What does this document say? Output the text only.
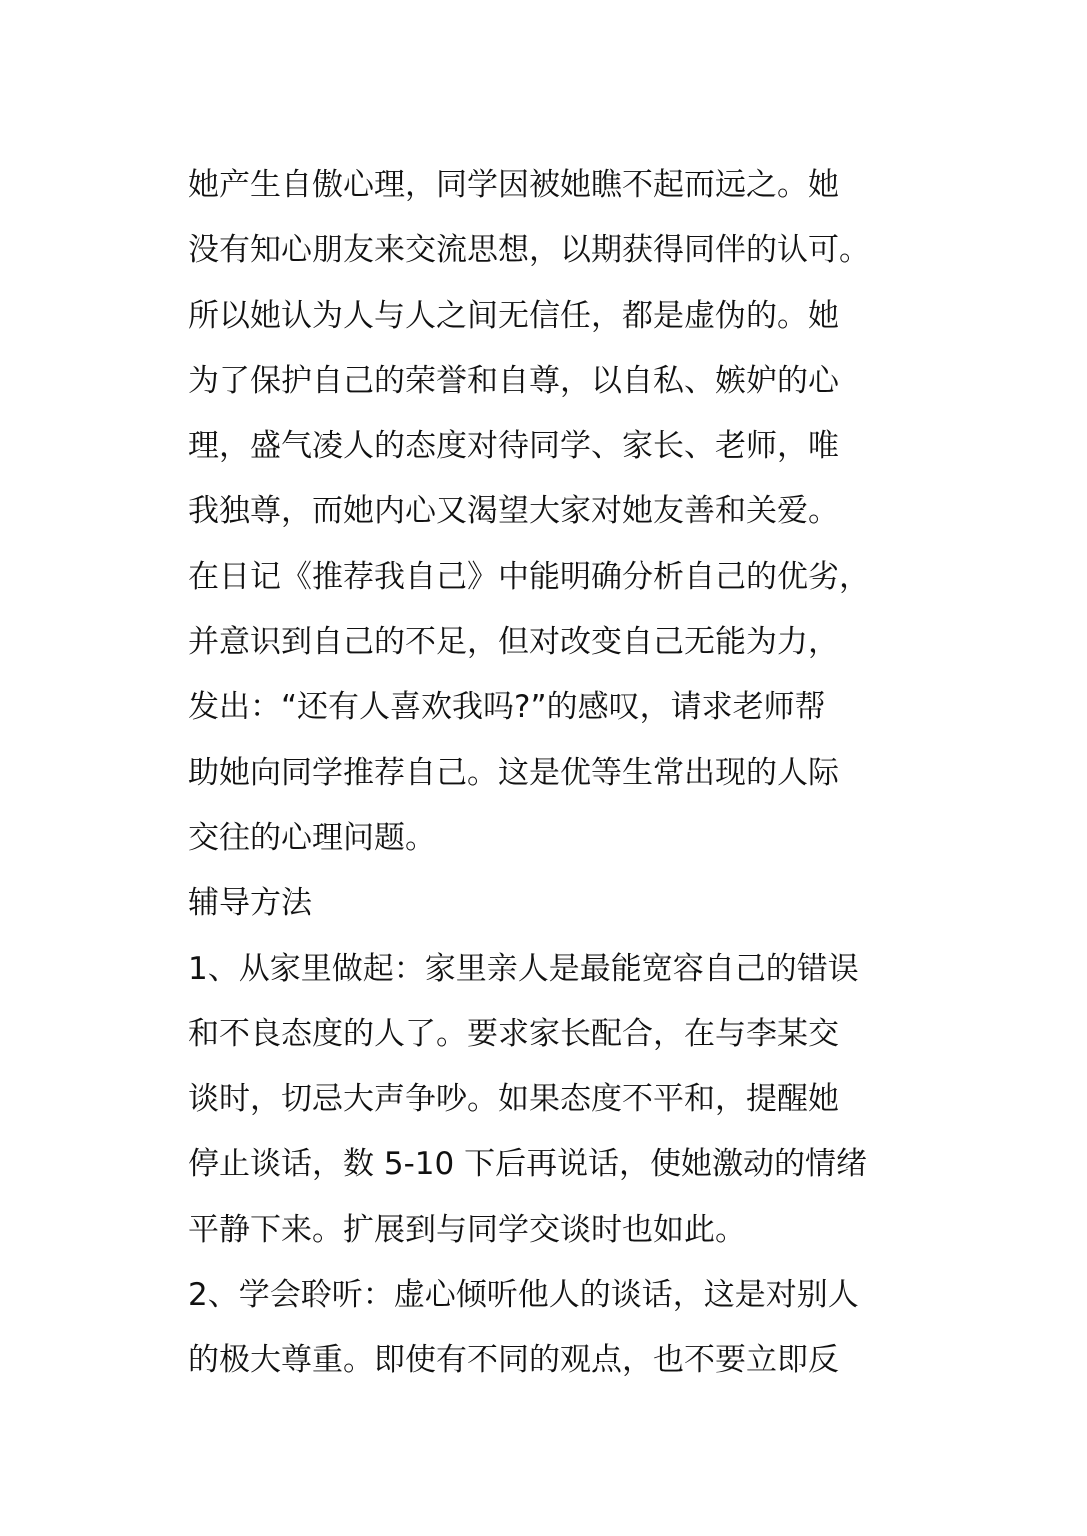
她产生自傲心理，同学因被她瞧不起而远之。她
没有知心朋友来交流思想，以期获得同伴的认可。
所以她认为人与人之间无信任，都是虚伪的。她
为了保护自己的荣誉和自尊，以自私、嫉妒的心
理，盛气凌人的态度对待同学、家长、老师，唯
我独尊，而她内心又渴望大家对她友善和关爱。
在日记《推荐我自己》中能明确分析自己的优劣，
并意识到自己的不足，但对改变自己无能为力，
发出：“还有人喜欢我吗?”的感叹，请求老师帮
助她向同学推荐自己。这是优等生常出现的人际
交往的心理问题。
辅导方法
1、从家里做起：家里亲人是最能宽容自己的错误
和不良态度的人了。要求家长配合，在与李某交
谈时，切忌大声争吵。如果态度不平和，提醒她
停止谈话，数 5-10 下后再说话，使她激动的情绪
平静下来。扩展到与同学交谈时也如此。
2、学会聆听：虚心倾听他人的谈话，这是对别人
的极大尊重。即使有不同的观点，也不要立即反
